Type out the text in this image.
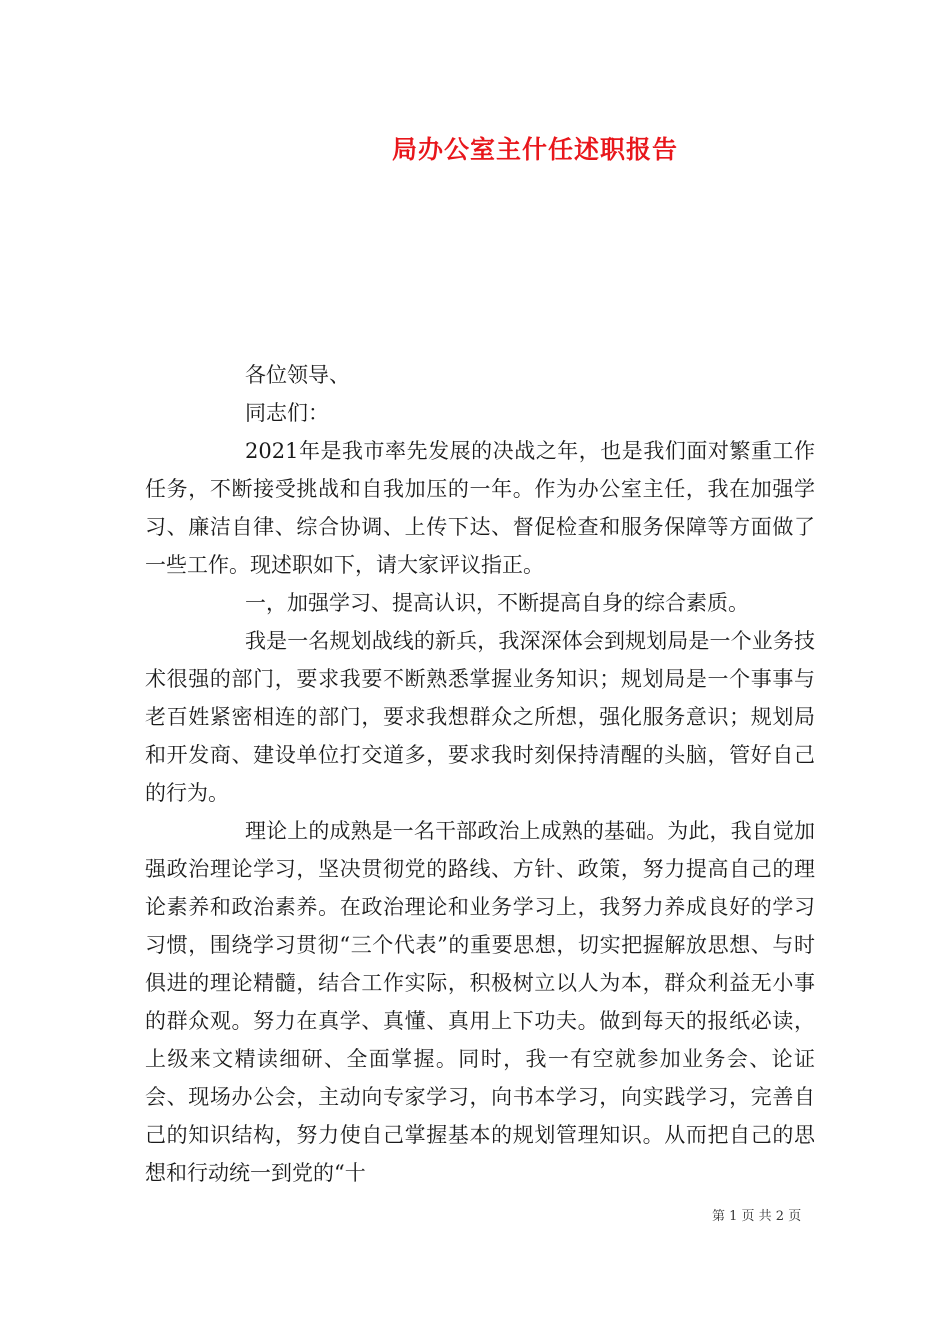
局办公室主什任述职报告

各位领导、

同志们：

2021年是我市率先发展的决战之年，也是我们面对繁重工作任务，不断接受挑战和自我加压的一年。作为办公室主任，我在加强学习、廉洁自律、综合协调、上传下达、督促检查和服务保障等方面做了一些工作。现述职如下，请大家评议指正。

一，加强学习、提高认识，不断提高自身的综合素质。

我是一名规划战线的新兵，我深深体会到规划局是一个业务技术很强的部门，要求我要不断熟悉掌握业务知识；规划局是一个事事与老百姓紧密相连的部门，要求我想群众之所想，强化服务意识；规划局和开发商、建设单位打交道多，要求我时刻保持清醒的头脑，管好自己的行为。

理论上的成熟是一名干部政治上成熟的基础。为此，我自觉加强政治理论学习，坚决贯彻党的路线、方针、政策，努力提高自己的理论素养和政治素养。在政治理论和业务学习上，我努力养成良好的学习习惯，围绕学习贯彻“三个代表”的重要思想，切实把握解放思想、与时俱进的理论精髓，结合工作实际，积极树立以人为本，群众利益无小事的群众观。努力在真学、真懂、真用上下功夫。做到每天的报纸必读，上级来文精读细研、全面掌握。同时，我一有空就参加业务会、论证会、现场办公会，主动向专家学习，向书本学习，向实践学习，完善自己的知识结构，努力使自己掌握基本的规划管理知识。从而把自己的思想和行动统一到党的“十

第 1 页 共 2 页
